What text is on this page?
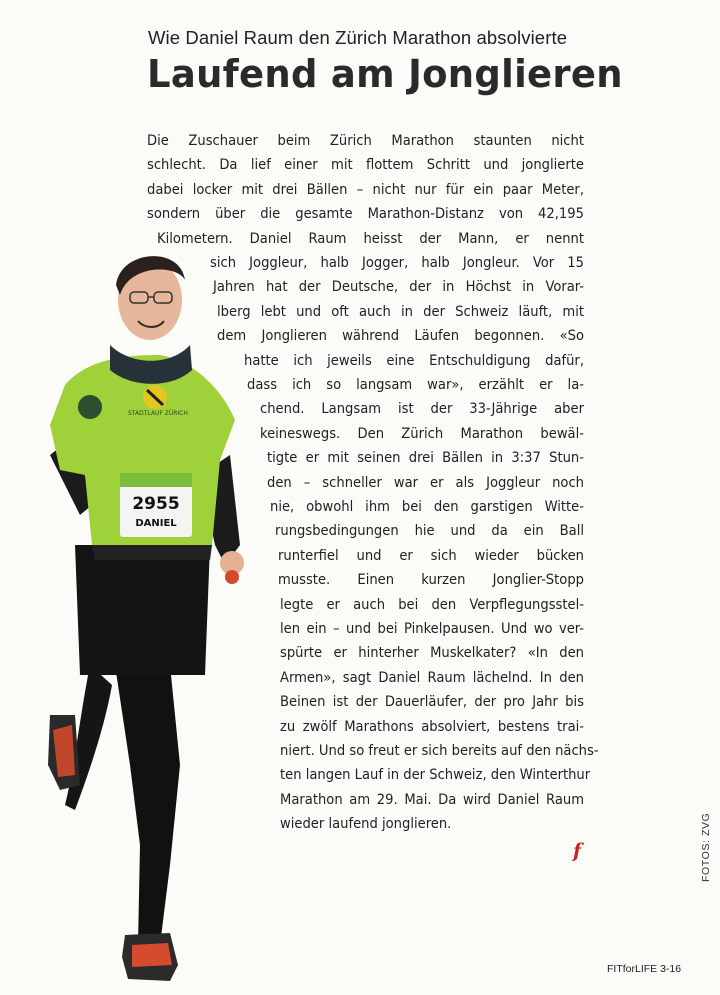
Wie Daniel Raum den Zürich Marathon absolvierte
Laufend am Jonglieren
Die Zuschauer beim Zürich Marathon staunten nicht
schlecht. Da lief einer mit flottem Schritt und jonglierte
dabei locker mit drei Bällen – nicht nur für ein paar Meter,
sondern über die gesamte Marathon-Distanz von 42,195
Kilometern. Daniel Raum heisst der Mann, er nennt
sich Joggleur, halb Jogger, halb Jongleur. Vor 15
Jahren hat der Deutsche, der in Höchst in Vorar-
lberg lebt und oft auch in der Schweiz läuft, mit
dem Jonglieren während Läufen begonnen. «So
hatte ich jeweils eine Entschuldigung dafür,
dass ich so langsam war», erzählt er la-
chend. Langsam ist der 33-Jährige aber
keineswegs. Den Zürich Marathon bewäl-
tigte er mit seinen drei Bällen in 3:37 Stun-
den – schneller war er als Joggleur noch
nie, obwohl ihm bei den garstigen Witte-
rungsbedingungen hie und da ein Ball
runterfiel und er sich wieder bücken
musste. Einen kurzen Jonglier-Stopp
legte er auch bei den Verpflegungsstel-
len ein – und bei Pinkelpausen. Und wo ver-
spürte er hinterher Muskelkater? «In den
Armen», sagt Daniel Raum lächelnd. In den
Beinen ist der Dauerläufer, der pro Jahr bis
zu zwölf Marathons absolviert, bestens trai-
niert. Und so freut er sich bereits auf den nächs-
ten langen Lauf in der Schweiz, den Winterthur
Marathon am 29. Mai. Da wird Daniel Raum
wieder laufend jonglieren.
STADTLAUF ZÜRICH
2955
DANIEL
f	FOTOS: ZVG
FITforLIFE 3-16
